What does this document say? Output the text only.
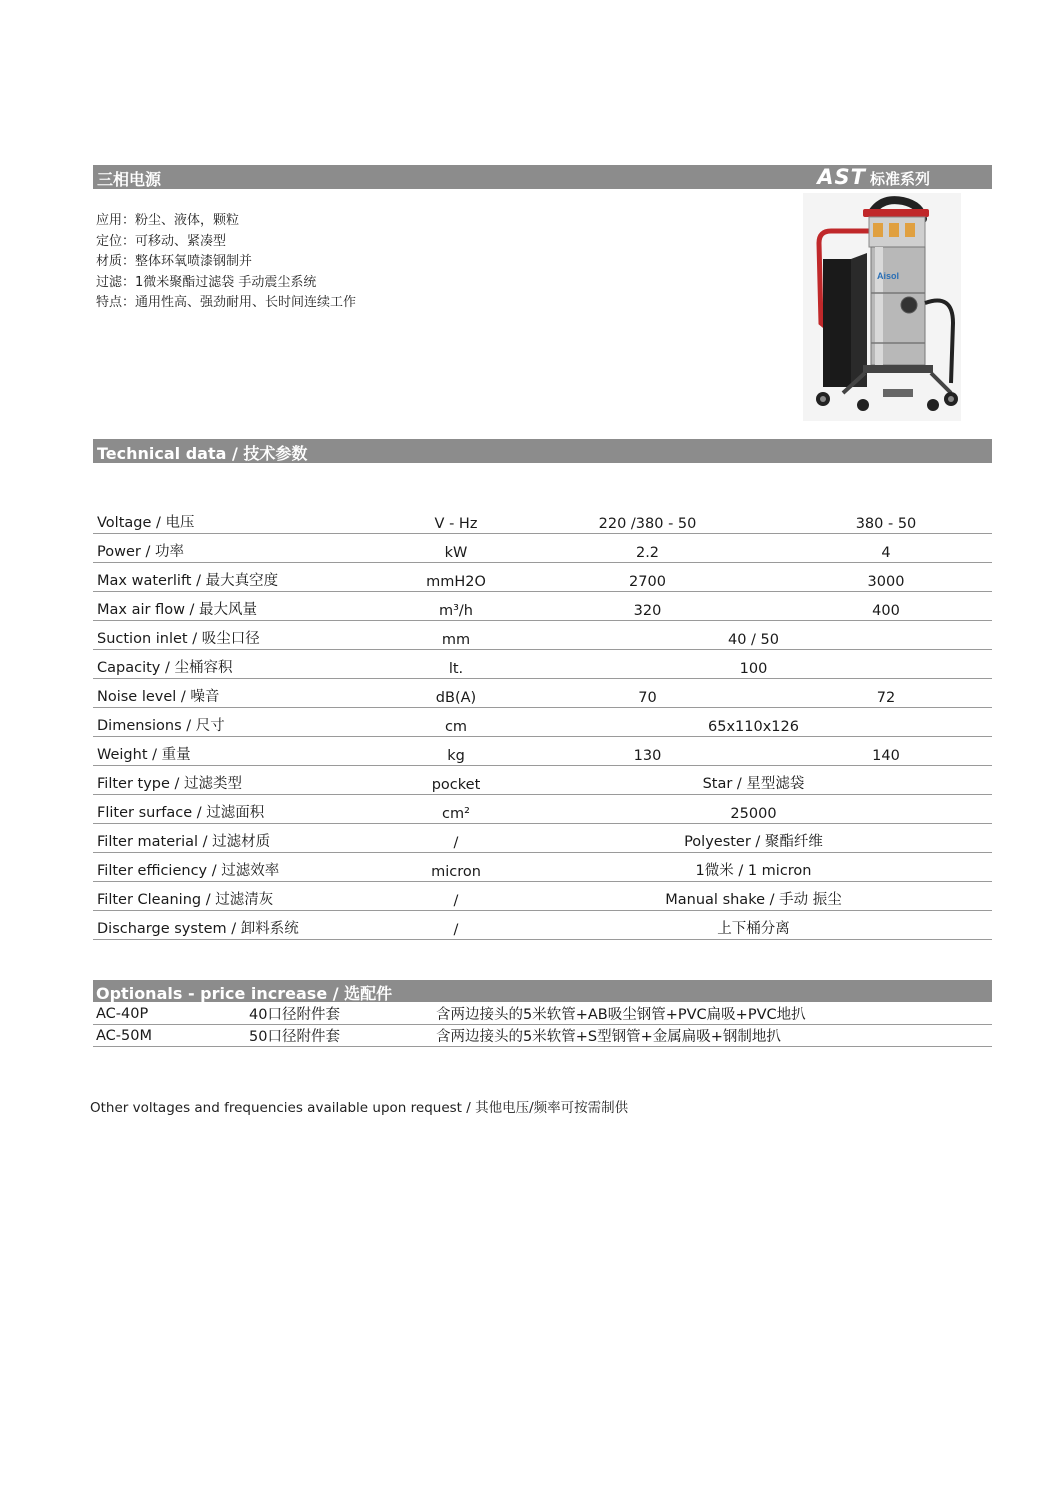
三相电源	AST 标准系列
应用：粉尘、液体，颗粒
定位：可移动、紧凑型
材质：整体环氧喷漆钢制并
过滤：1微米聚酯过滤袋 手动震尘系统
特点：通用性高、强劲耐用、长时间连续工作
Aisol
Technical data / 技术参数
Voltage / 电压	V - Hz	220 /380 - 50	380 - 50
Power / 功率	kW	2.2	4
Max waterlift / 最大真空度	mmH2O	2700	3000
Max air flow / 最大风量	m³/h	320	400
Suction inlet / 吸尘口径	mm	40 / 50	
Capacity / 尘桶容积	lt.	100	
Noise level / 噪音	dB(A)	70	72
Dimensions / 尺寸	cm	65x110x126	
Weight / 重量	kg	130	140
Filter type / 过滤类型	pocket	Star / 星型滤袋	
Fliter surface / 过滤面积	cm²	25000	
Filter material / 过滤材质	/	Polyester / 聚酯纤维	
Filter efficiency / 过滤效率	micron	1微米 / 1 micron	
Filter Cleaning / 过滤清灰	/	Manual shake / 手动 振尘	
Discharge system / 卸料系统	/	上下桶分离	
Optionals - price increase / 选配件
AC-40P	40口径附件套	含两边接头的5米软管+AB吸尘钢管+PVC扁吸+PVC地扒
AC-50M	50口径附件套	含两边接头的5米软管+S型钢管+金属扁吸+钢制地扒
Other voltages and frequencies available upon request / 其他电压/频率可按需制供
